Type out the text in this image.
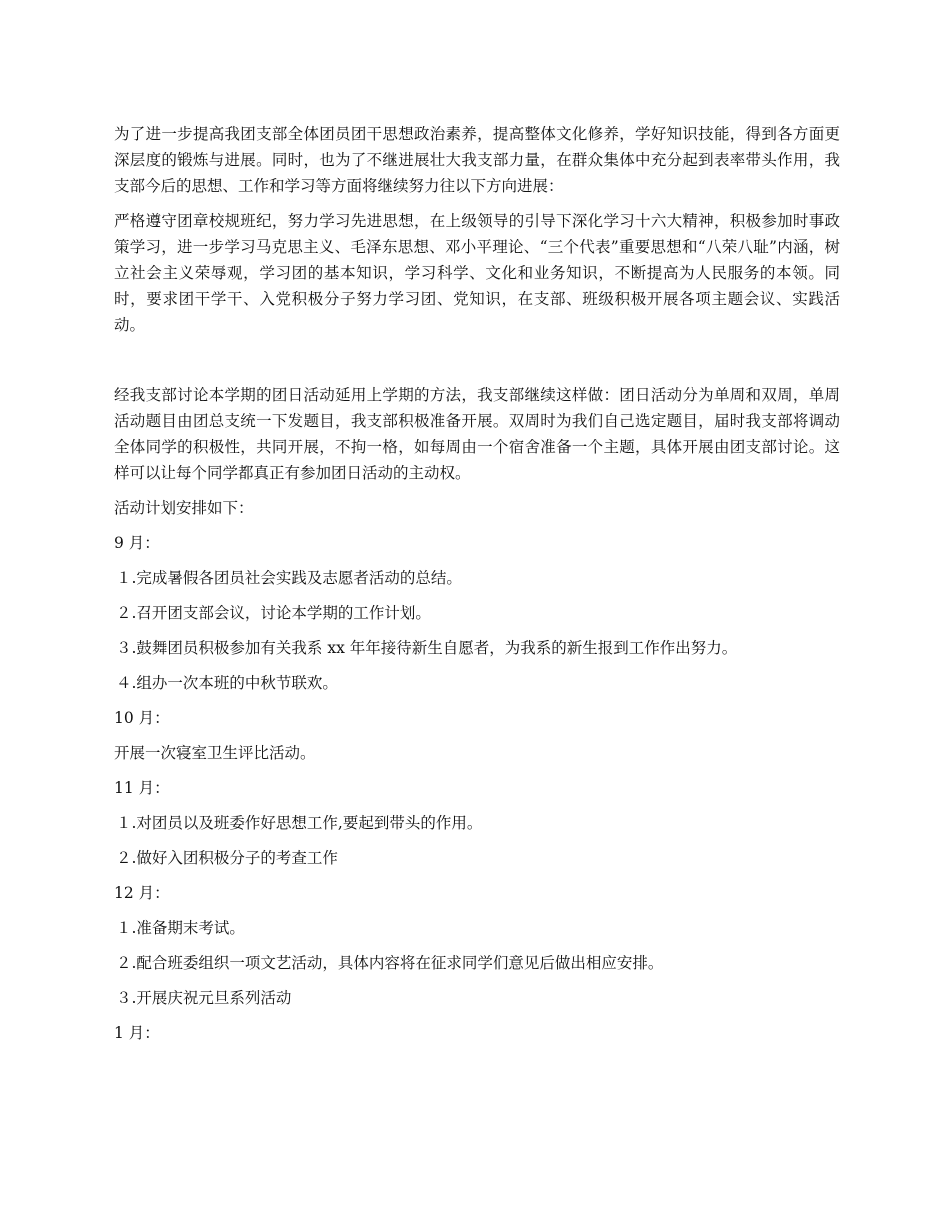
为了进一步提高我团支部全体团员团干思想政治素养，提高整体文化修养，学好知识技能，得到各方面更深层度的锻炼与进展。同时，也为了不继进展壮大我支部力量，在群众集体中充分起到表率带头作用，我支部今后的思想、工作和学习等方面将继续努力往以下方向进展：

严格遵守团章校规班纪，努力学习先进思想，在上级领导的引导下深化学习十六大精神，积极参加时事政策学习，进一步学习马克思主义、毛泽东思想、邓小平理论、“三个代表”重要思想和“八荣八耻”内涵，树立社会主义荣辱观，学习团的基本知识，学习科学、文化和业务知识，不断提高为人民服务的本领。同时，要求团干学干、入党积极分子努力学习团、党知识，在支部、班级积极开展各项主题会议、实践活动。

经我支部讨论本学期的团日活动延用上学期的方法，我支部继续这样做：团日活动分为单周和双周，单周活动题目由团总支统一下发题目，我支部积极准备开展。双周时为我们自己选定题目，届时我支部将调动全体同学的积极性，共同开展，不拘一格，如每周由一个宿舍准备一个主题，具体开展由团支部讨论。这样可以让每个同学都真正有参加团日活动的主动权。

活动计划安排如下：

9 月：

１.完成暑假各团员社会实践及志愿者活动的总结。

２.召开团支部会议，讨论本学期的工作计划。

３.鼓舞团员积极参加有关我系 xx 年年接待新生自愿者，为我系的新生报到工作作出努力。

４.组办一次本班的中秋节联欢。

10 月：

开展一次寝室卫生评比活动。

11 月：

１.对团员以及班委作好思想工作,要起到带头的作用。

２.做好入团积极分子的考查工作

12 月：

１.准备期末考试。

２.配合班委组织一项文艺活动，具体内容将在征求同学们意见后做出相应安排。

３.开展庆祝元旦系列活动

1 月：
